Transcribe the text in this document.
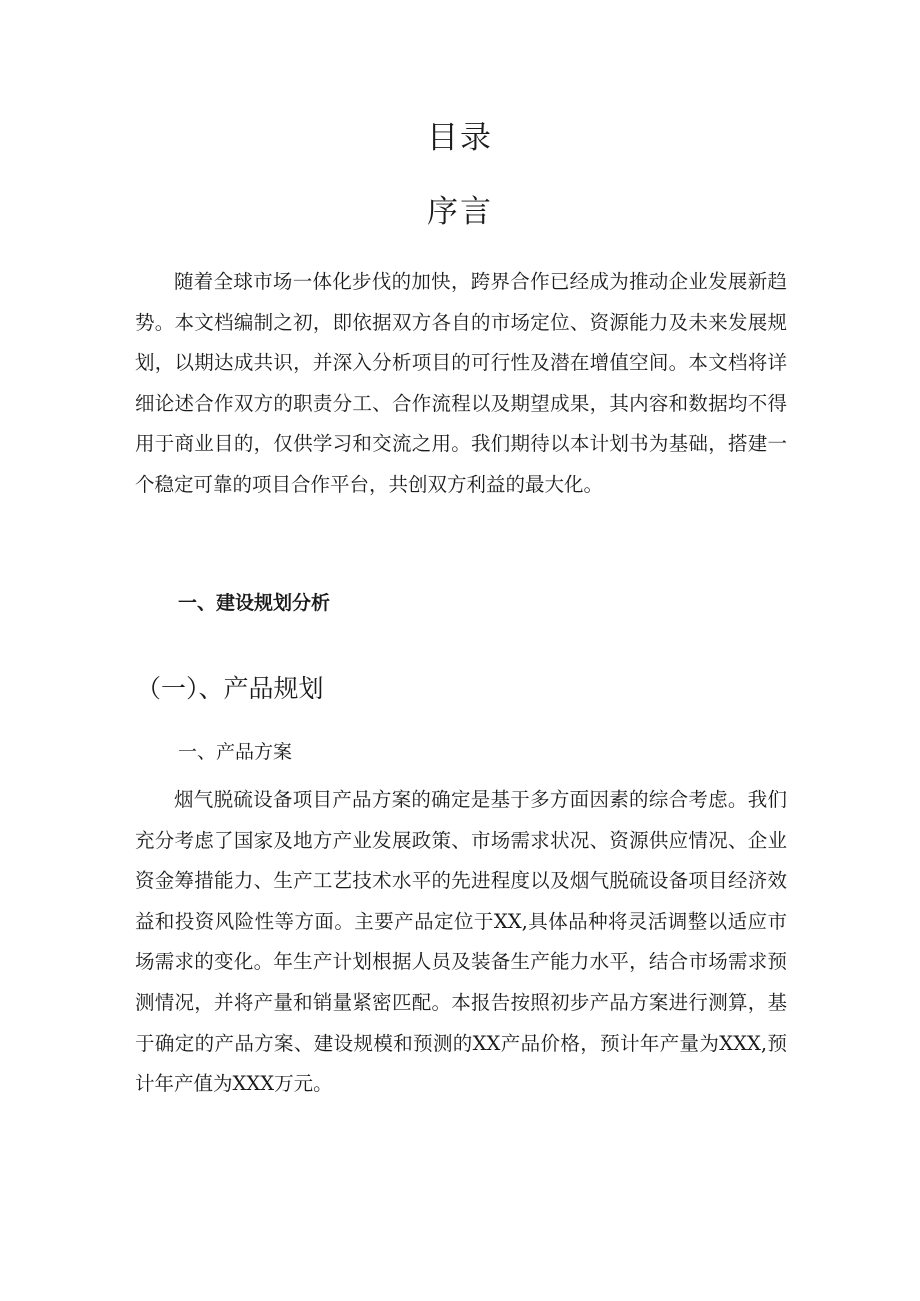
目录
序言

随着全球市场一体化步伐的加快，跨界合作已经成为推动企业发展新趋势。本文档编制之初，即依据双方各自的市场定位、资源能力及未来发展规划，以期达成共识，并深入分析项目的可行性及潜在增值空间。本文档将详细论述合作双方的职责分工、合作流程以及期望成果，其内容和数据均不得用于商业目的，仅供学习和交流之用。我们期待以本计划书为基础，搭建一个稳定可靠的项目合作平台，共创双方利益的最大化。

一、建设规划分析
（一）、产品规划
一、产品方案

烟气脱硫设备项目产品方案的确定是基于多方面因素的综合考虑。我们充分考虑了国家及地方产业发展政策、市场需求状况、资源供应情况、企业资金筹措能力、生产工艺技术水平的先进程度以及烟气脱硫设备项目经济效益和投资风险性等方面。主要产品定位于XX,具体品种将灵活调整以适应市场需求的变化。年生产计划根据人员及装备生产能力水平，结合市场需求预测情况，并将产量和销量紧密匹配。本报告按照初步产品方案进行测算，基于确定的产品方案、建设规模和预测的XX产品价格，预计年产量为XXX,预计年产值为XXX万元。
